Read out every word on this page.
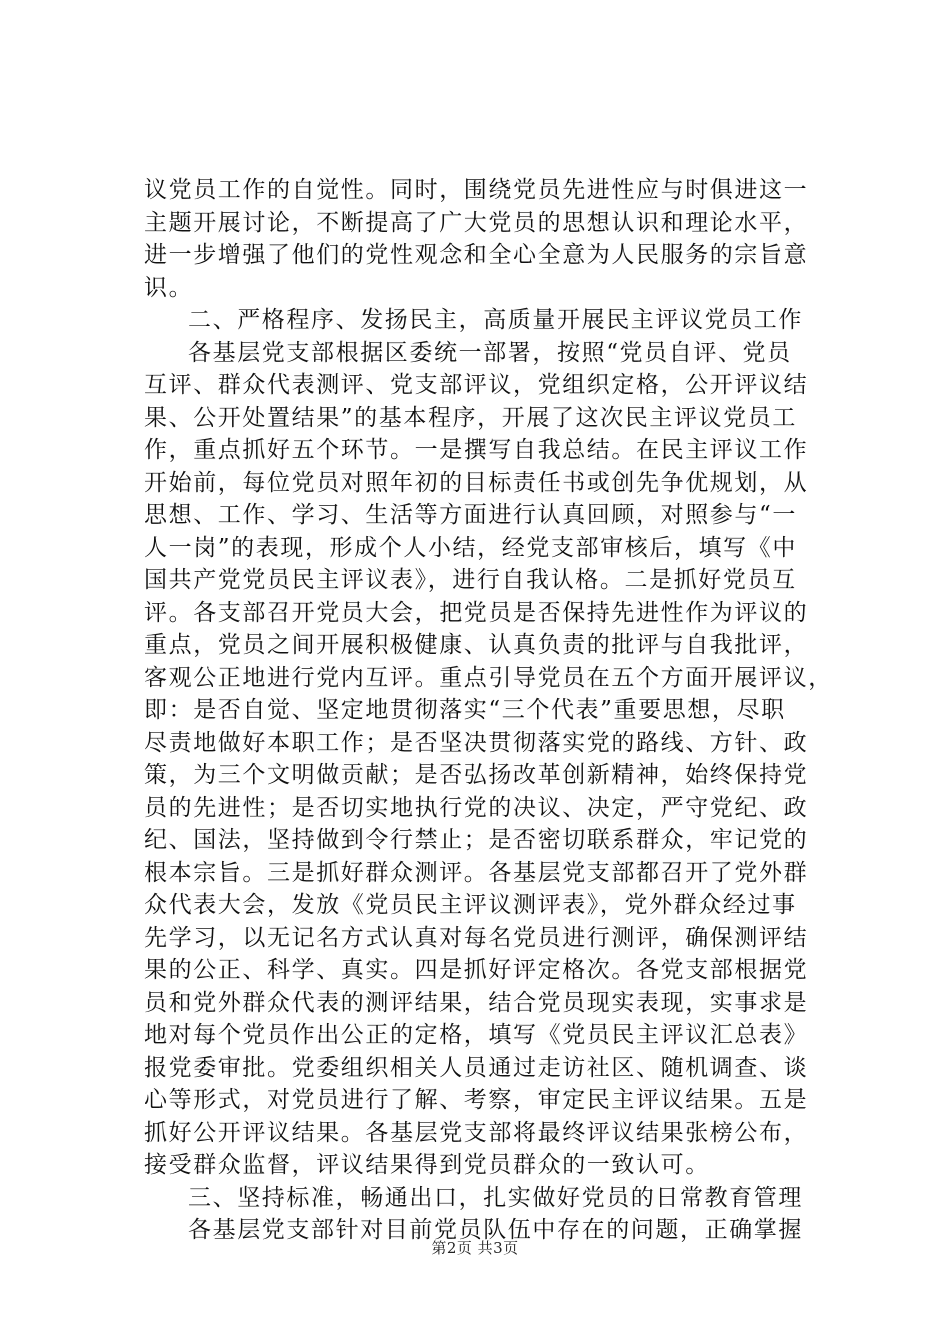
议党员工作的自觉性。同时，围绕党员先进性应与时俱进这一
主题开展讨论，不断提高了广大党员的思想认识和理论水平，
进一步增强了他们的党性观念和全心全意为人民服务的宗旨意
识。
二、严格程序、发扬民主，高质量开展民主评议党员工作
各基层党支部根据区委统一部署，按照“党员自评、党员
互评、群众代表测评、党支部评议，党组织定格，公开评议结
果、公开处置结果”的基本程序，开展了这次民主评议党员工
作，重点抓好五个环节。一是撰写自我总结。在民主评议工作
开始前，每位党员对照年初的目标责任书或创先争优规划，从
思想、工作、学习、生活等方面进行认真回顾，对照参与“一
人一岗”的表现，形成个人小结，经党支部审核后，填写《中
国共产党党员民主评议表》，进行自我认格。二是抓好党员互
评。各支部召开党员大会，把党员是否保持先进性作为评议的
重点，党员之间开展积极健康、认真负责的批评与自我批评，
客观公正地进行党内互评。重点引导党员在五个方面开展评议，
即：是否自觉、坚定地贯彻落实“三个代表”重要思想，尽职
尽责地做好本职工作；是否坚决贯彻落实党的路线、方针、政
策，为三个文明做贡献；是否弘扬改革创新精神，始终保持党
员的先进性；是否切实地执行党的决议、决定，严守党纪、政
纪、国法，坚持做到令行禁止；是否密切联系群众，牢记党的
根本宗旨。三是抓好群众测评。各基层党支部都召开了党外群
众代表大会，发放《党员民主评议测评表》，党外群众经过事
先学习，以无记名方式认真对每名党员进行测评，确保测评结
果的公正、科学、真实。四是抓好评定格次。各党支部根据党
员和党外群众代表的测评结果，结合党员现实表现，实事求是
地对每个党员作出公正的定格，填写《党员民主评议汇总表》
报党委审批。党委组织相关人员通过走访社区、随机调查、谈
心等形式，对党员进行了解、考察，审定民主评议结果。五是
抓好公开评议结果。各基层党支部将最终评议结果张榜公布，
接受群众监督，评议结果得到党员群众的一致认可。
三、坚持标准，畅通出口，扎实做好党员的日常教育管理
各基层党支部针对目前党员队伍中存在的问题，正确掌握
第2页 共3页
